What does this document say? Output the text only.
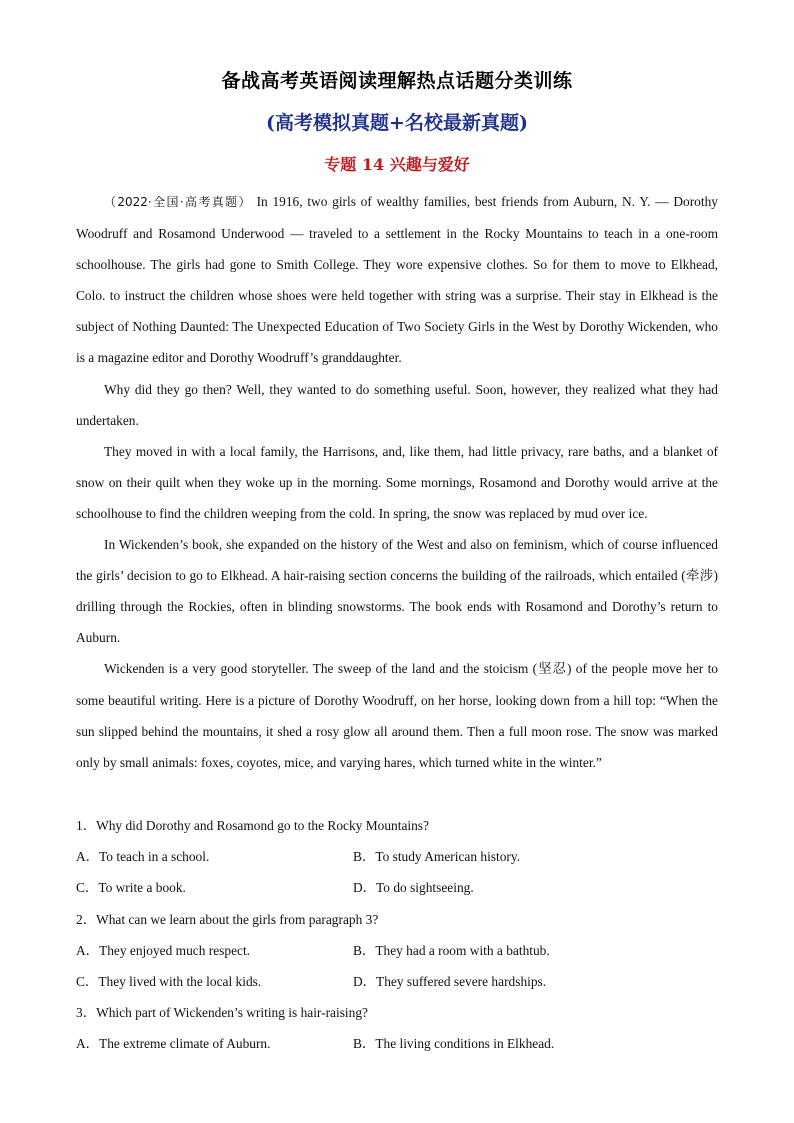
备战高考英语阅读理解热点话题分类训练
(高考模拟真题+名校最新真题)
专题 14 兴趣与爱好

（2022·全国·高考真题） In 1916, two girls of wealthy families, best friends from Auburn, N. Y. — Dorothy Woodruff and Rosamond Underwood — traveled to a settlement in the Rocky Mountains to teach in a one-room schoolhouse. The girls had gone to Smith College. They wore expensive clothes. So for them to move to Elkhead, Colo. to instruct the children whose shoes were held together with string was a surprise. Their stay in Elkhead is the subject of Nothing Daunted: The Unexpected Education of Two Society Girls in the West by Dorothy Wickenden, who is a magazine editor and Dorothy Woodruff’s granddaughter.

Why did they go then? Well, they wanted to do something useful. Soon, however, they realized what they had undertaken.

They moved in with a local family, the Harrisons, and, like them, had little privacy, rare baths, and a blanket of snow on their quilt when they woke up in the morning. Some mornings, Rosamond and Dorothy would arrive at the schoolhouse to find the children weeping from the cold. In spring, the snow was replaced by mud over ice.

In Wickenden’s book, she expanded on the history of the West and also on feminism, which of course influenced the girls’ decision to go to Elkhead. A hair-raising section concerns the building of the railroads, which entailed (牵涉) drilling through the Rockies, often in blinding snowstorms. The book ends with Rosamond and Dorothy’s return to Auburn.

Wickenden is a very good storyteller. The sweep of the land and the stoicism (坚忍) of the people move her to some beautiful writing. Here is a picture of Dorothy Woodruff, on her horse, looking down from a hill top: “When the sun slipped behind the mountains, it shed a rosy glow all around them. Then a full moon rose. The snow was marked only by small animals: foxes, coyotes, mice, and varying hares, which turned white in the winter.”

1．Why did Dorothy and Rosamond go to the Rocky Mountains?

A．To teach in a school.	B．To study American history.
C．To write a book.	D．To do sightseeing.

2．What can we learn about the girls from paragraph 3?

A．They enjoyed much respect.	B．They had a room with a bathtub.
C．They lived with the local kids.	D．They suffered severe hardships.

3．Which part of Wickenden’s writing is hair-raising?

A．The extreme climate of Auburn.	B．The living conditions in Elkhead.
